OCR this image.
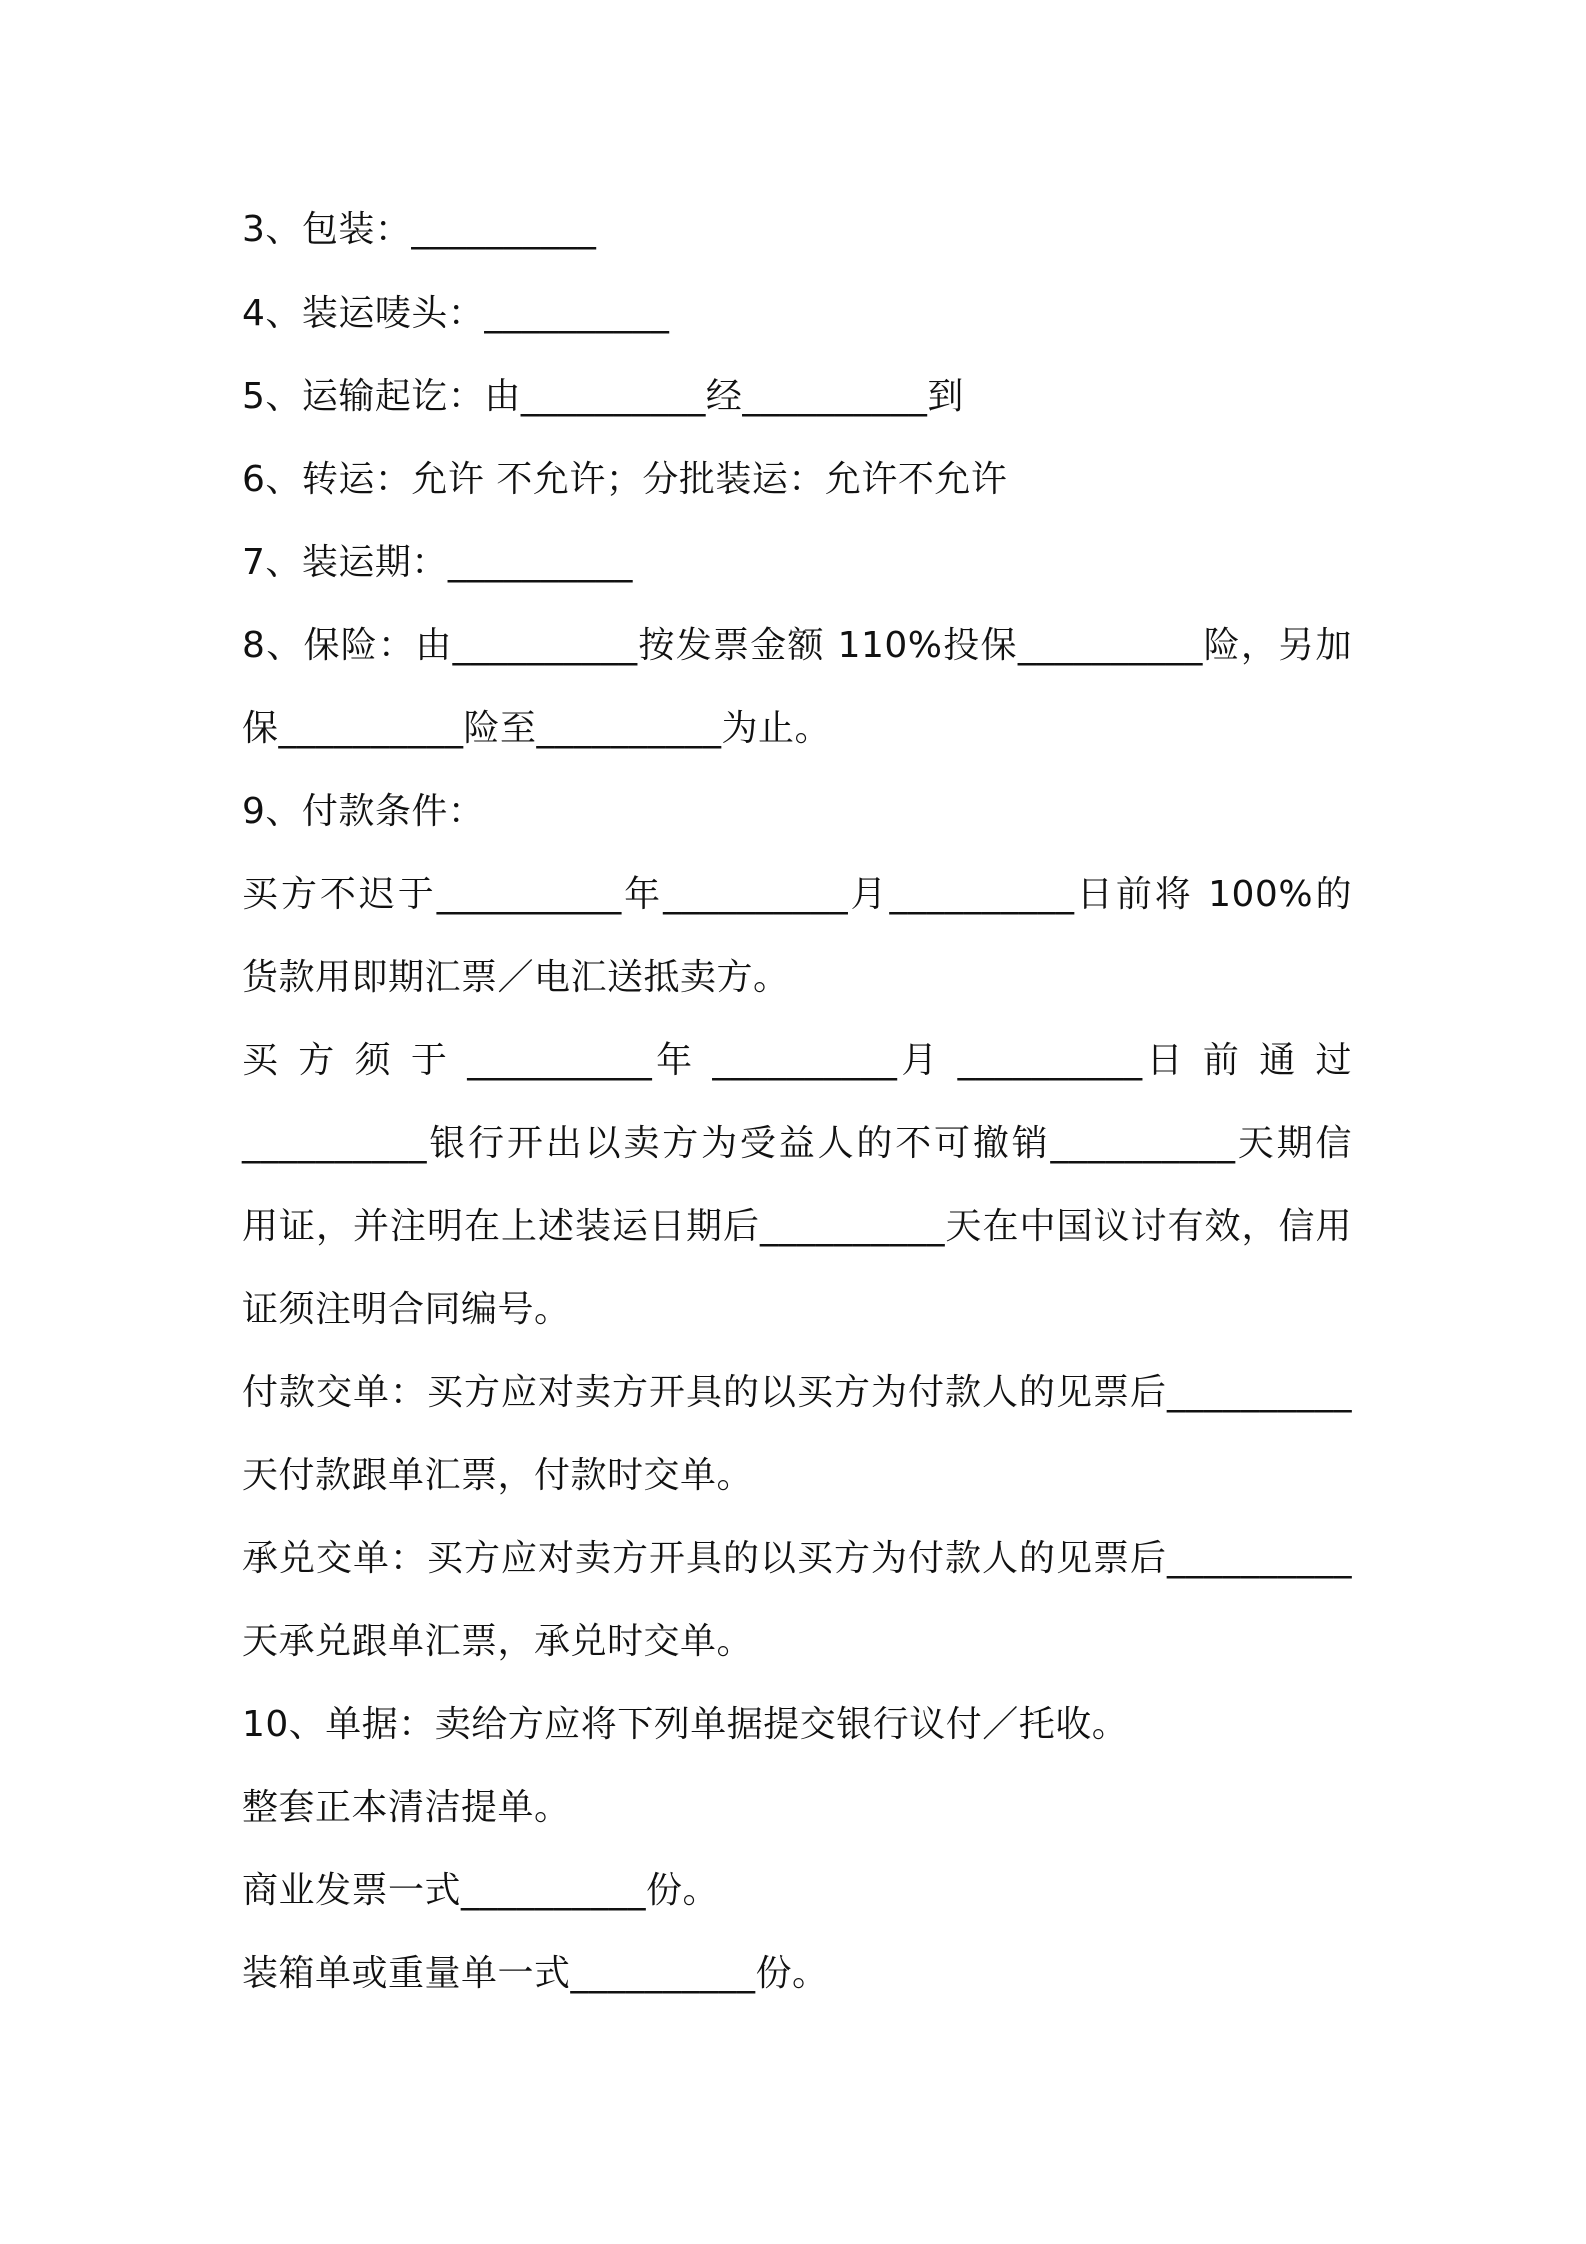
3、包装：__________
4、装运唛头：__________
5、运输起讫：由__________经__________到
6、转运：允许 不允许；分批装运：允许不允许
7、装运期：__________
8、保险：由__________按发票金额 110%投保__________险，另加
保__________险至__________为止。
9、付款条件：
买方不迟于__________年__________月__________日前将 100%的
货款用即期汇票／电汇送抵卖方。
买 方 须 于 __________年 __________月 __________日 前 通 过
__________银行开出以卖方为受益人的不可撤销__________天期信
用证，并注明在上述装运日期后__________天在中国议讨有效，信用
证须注明合同编号。
付款交单：买方应对卖方开具的以买方为付款人的见票后__________
天付款跟单汇票，付款时交单。
承兑交单：买方应对卖方开具的以买方为付款人的见票后__________
天承兑跟单汇票，承兑时交单。
10、单据：卖给方应将下列单据提交银行议付／托收。
整套正本清洁提单。
商业发票一式__________份。
装箱单或重量单一式__________份。
